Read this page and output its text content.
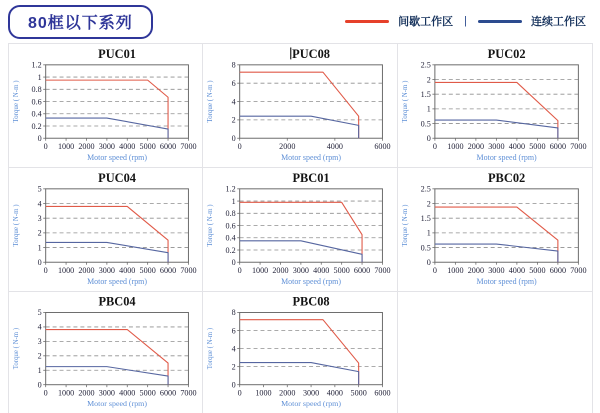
80框以下系列	间歇工作区 |	连续工作区
PUC01
0 1000 2000 3000 4000 5000 6000 7000
0
0.2
0.4
0.6
0.8
1
1.2
Motor speed (rpm)
Torque ( N-m )
PUC08
0	2000	4000	6000
0
2
4
6
8
Motor speed (rpm)
Torque ( N-m )
PUC02
0 1000 2000 3000 4000 5000 6000 7000
0
0.5
1
1.5
2
2.5
Motor speed (rpm)
Torque ( N-m )
PUC04
0 1000 2000 3000 4000 5000 6000 7000
0
1
2
3
4
5
Motor speed (rpm)
Torque ( N-m )
PBC01
0 1000 2000 3000 4000 5000 6000 7000
0
0.2
0.4
0.6
0.8
1
1.2
Motor speed (rpm)
Torque ( N-m )
PBC02
0 1000 2000 3000 4000 5000 6000 7000
0
0.5
1
1.5
2
2.5
Motor speed (rpm)
Torque ( N-m )
PBC04
0 1000 2000 3000 4000 5000 6000 7000
0
1
2
3
4
5
Motor speed (rpm)
Torque ( N-m )
PBC08
0 1000 2000 3000 4000 5000 6000
0
2
4
6
8
Motor speed (rpm)
Torque ( N-m )
